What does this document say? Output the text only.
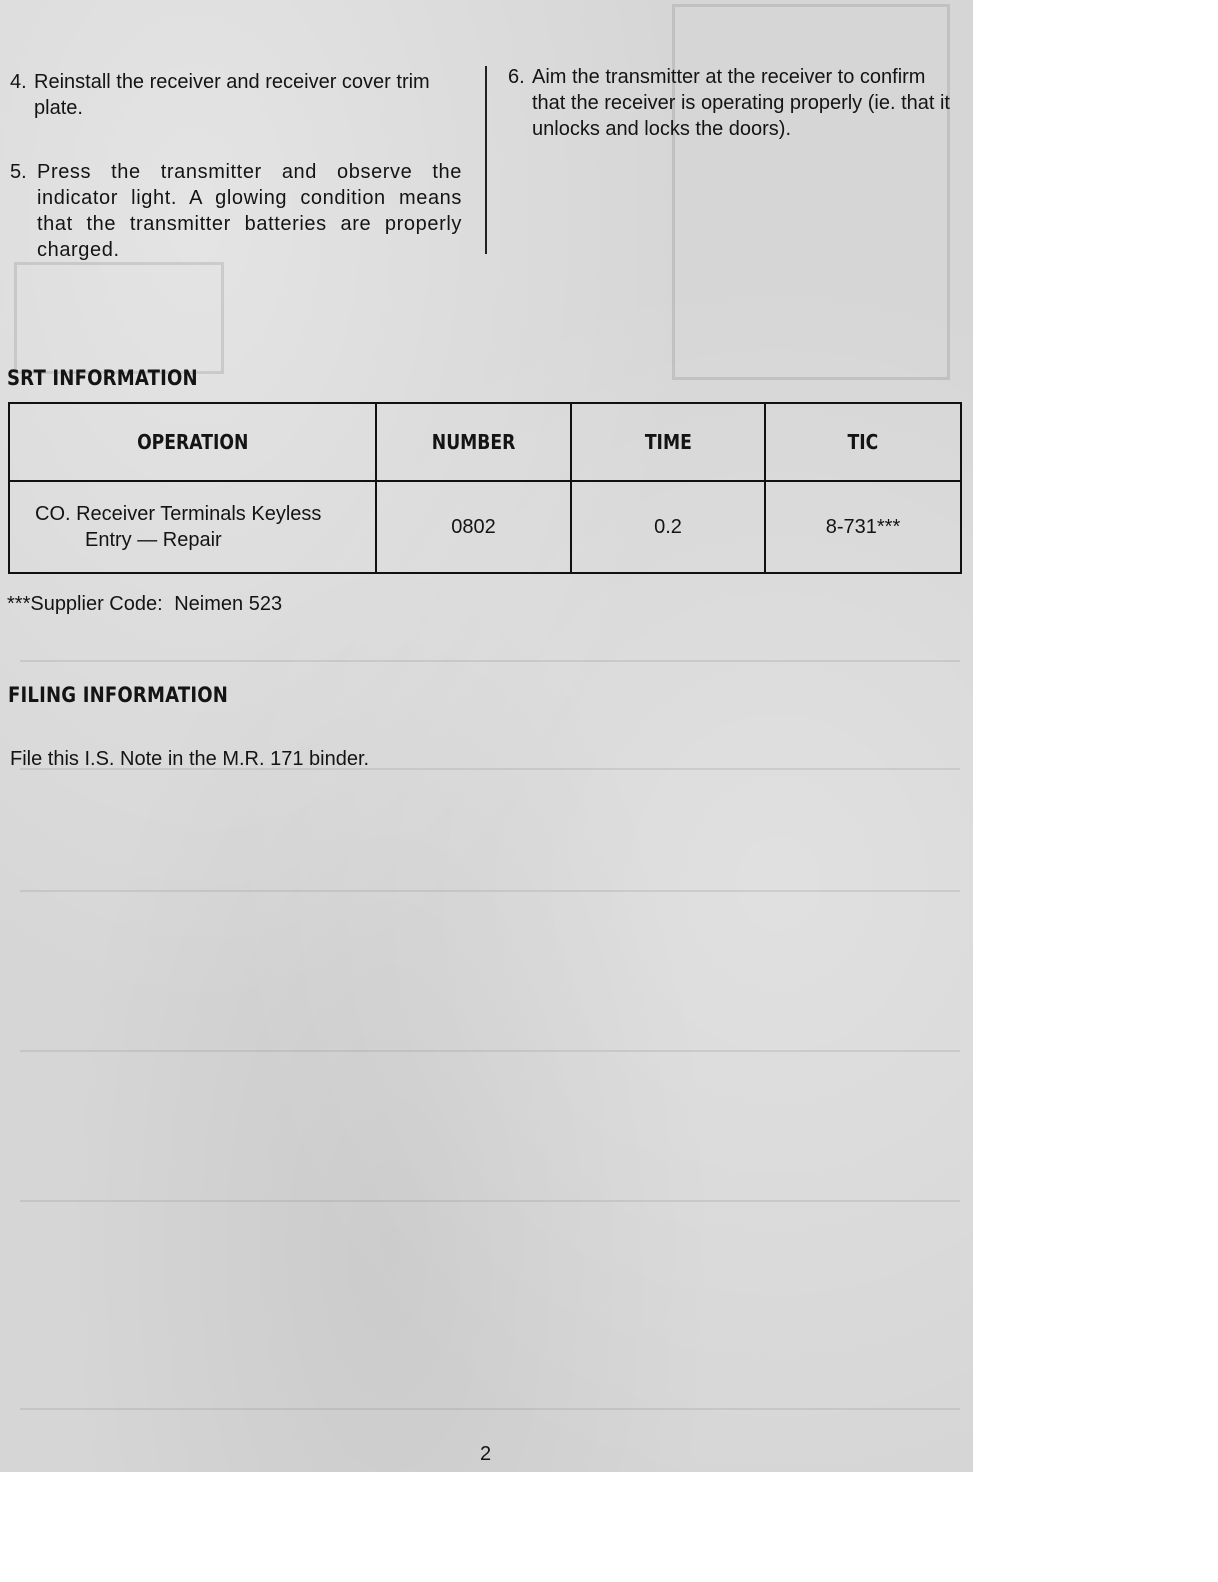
4. Reinstall the receiver and receiver cover trim plate.
5. Press the transmitter and observe the indicator light. A glowing condition means that the transmitter batteries are properly charged.
6. Aim the transmitter at the receiver to confirm that the receiver is operating properly (ie. that it unlocks and locks the doors).
SRT INFORMATION
OPERATION	NUMBER	TIME	TIC
CO. Receiver Terminals Keyless
Entry — Repair	0802	0.2	8-731***
***Supplier Code: Neimen 523
FILING INFORMATION
File this I.S. Note in the M.R. 171 binder.
2
